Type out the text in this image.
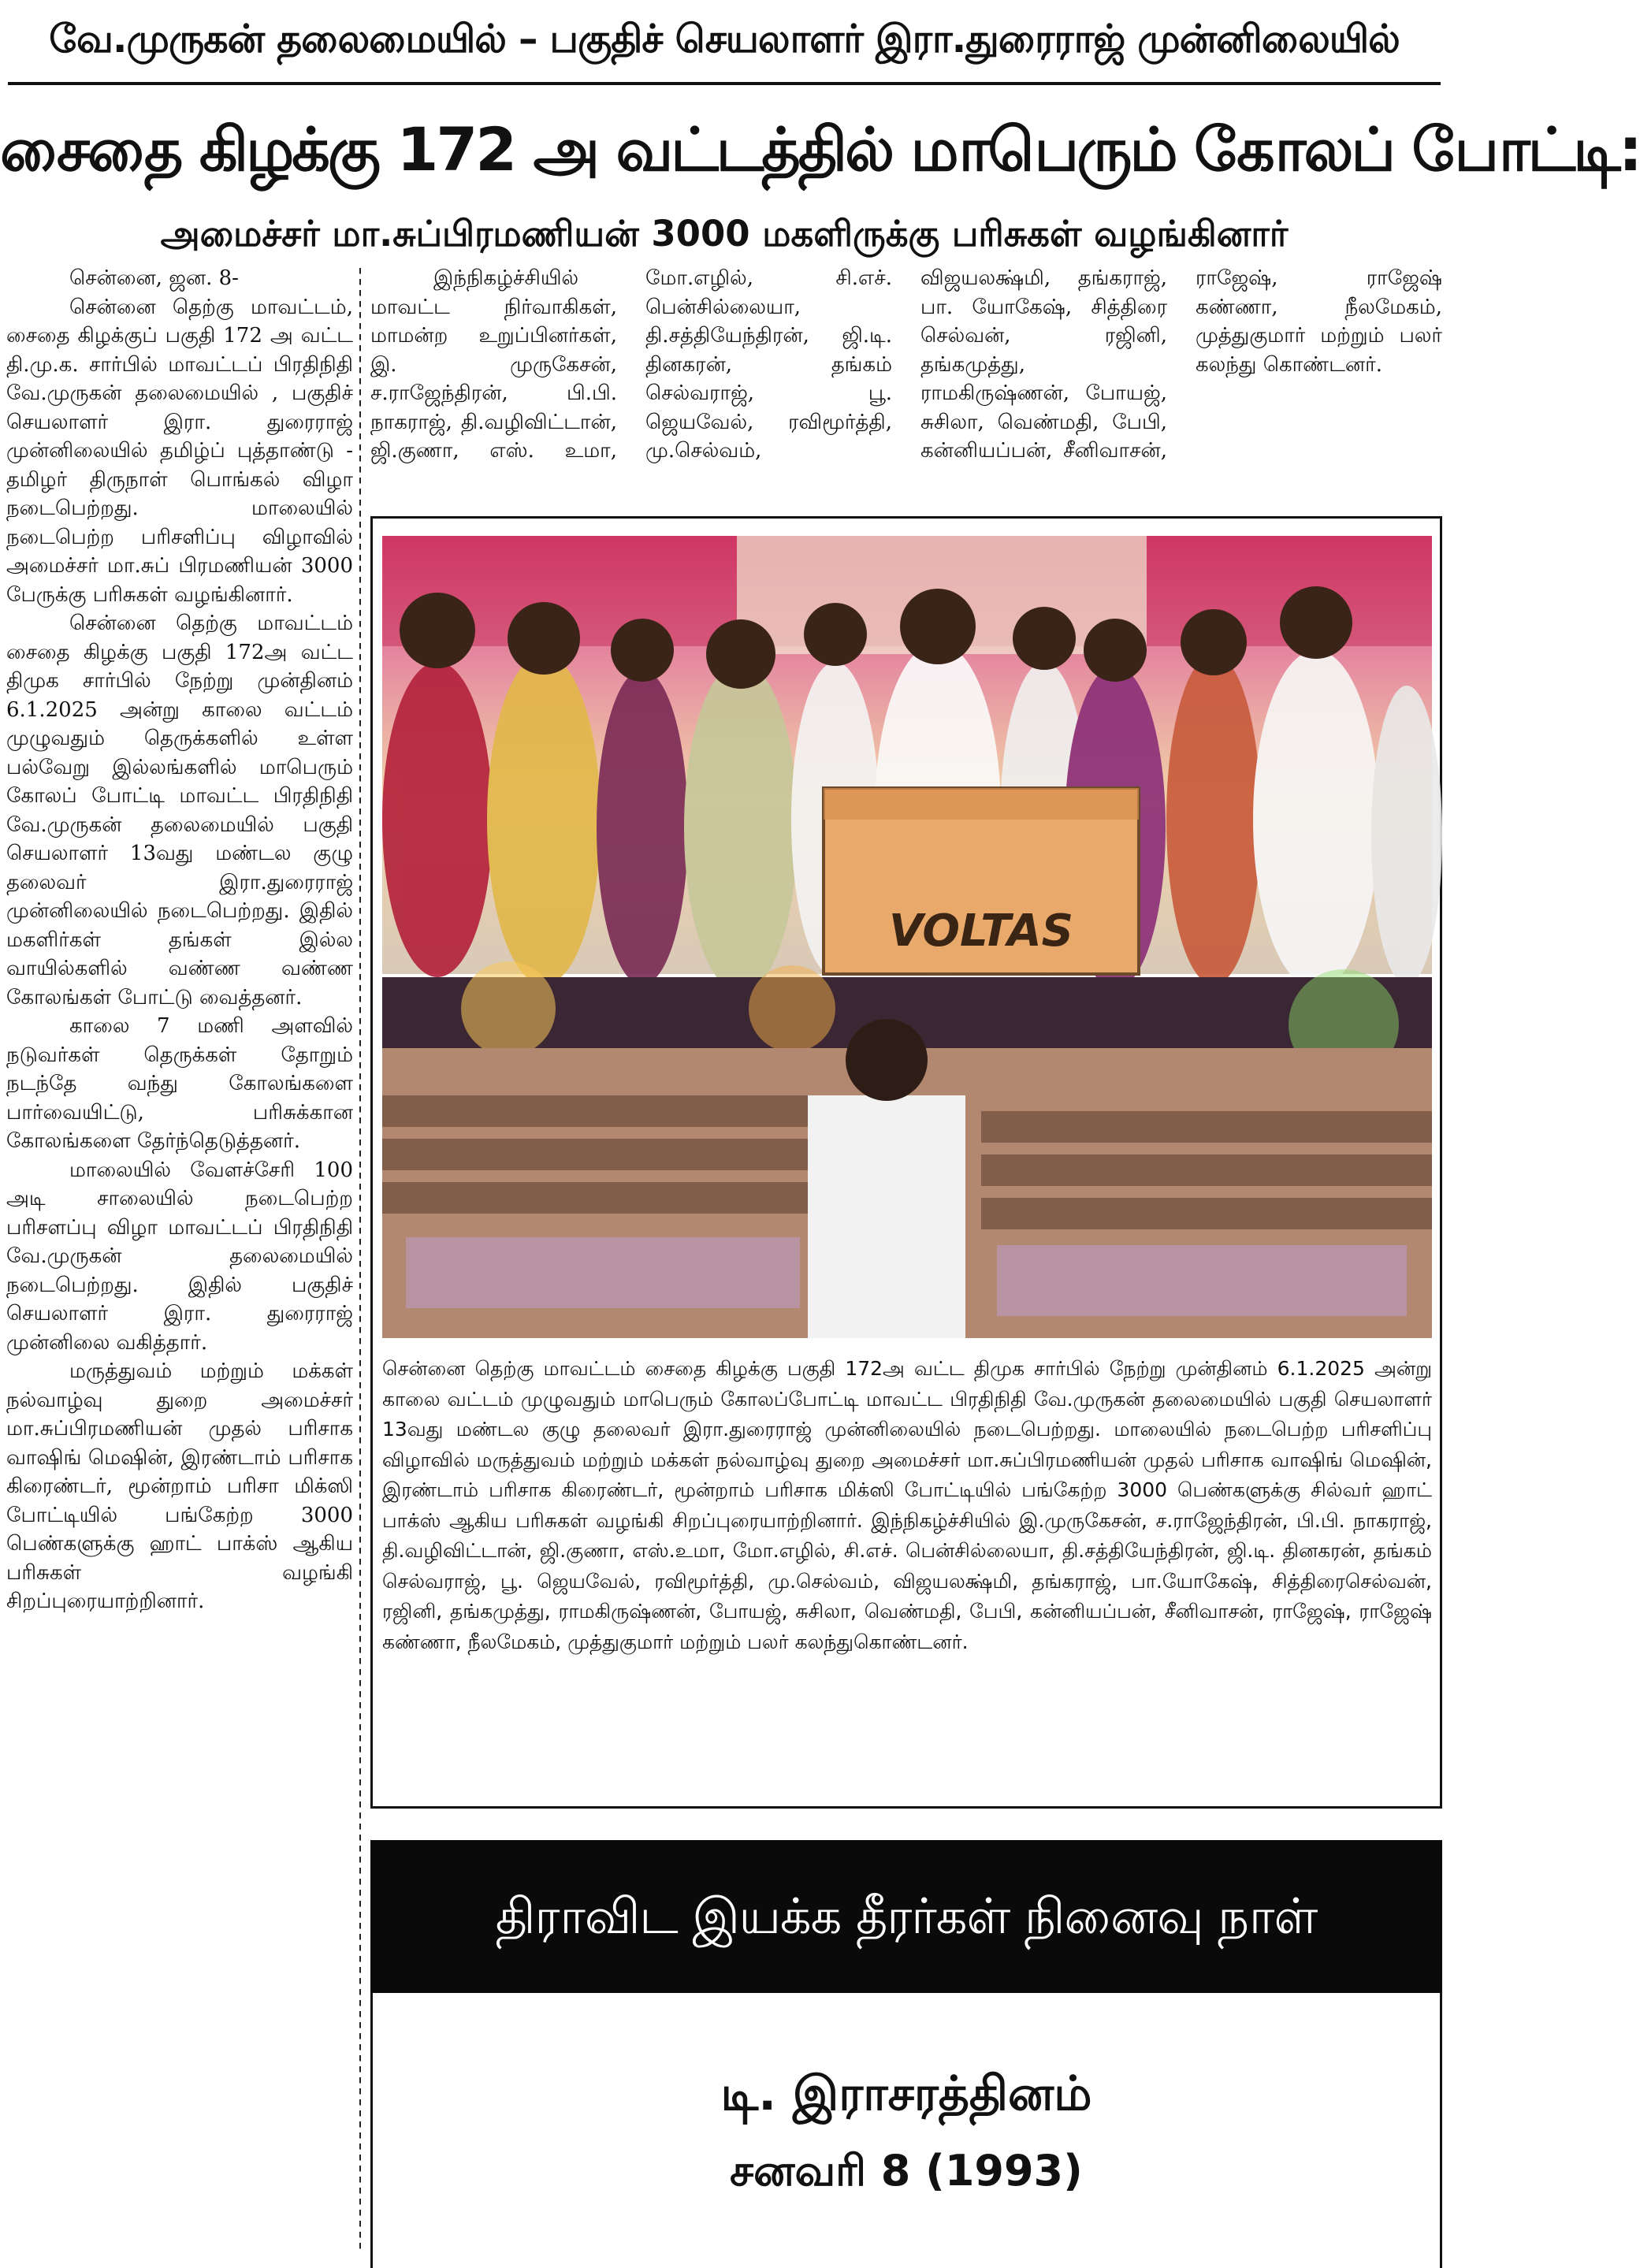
வே.முருகன் தலைமையில் – பகுதிச் செயலாளர் இரா.துரைராஜ் முன்னிலையில்
சைதை கிழக்கு 172 அ வட்டத்தில் மாபெரும் கோலப் போட்டி:
அமைச்சர் மா.சுப்பிரமணியன் 3000 மகளிருக்கு பரிசுகள் வழங்கினார்

சென்னை, ஜன. 8-

சென்னை தெற்கு மாவட்டம், சைதை கிழக்குப் பகுதி 172 அ வட்ட தி.மு.க. சார்பில் மாவட்டப் பிரதிநிதி வே.முருகன் தலைமையில் , பகுதிச் செயலாளர் இரா. துரைராஜ் முன்னிலையில் தமிழ்ப் புத்தாண்டு - தமிழர் திருநாள் பொங்கல் விழா நடைபெற்றது. மாலையில் நடைபெற்ற பரிசளிப்பு விழாவில் அமைச்சர் மா.சுப் பிரமணியன் 3000 பேருக்கு பரிசுகள் வழங்கினார்.

சென்னை தெற்கு மாவட்டம் சைதை கிழக்கு பகுதி 172அ வட்ட திமுக சார்பில் நேற்று முன்தினம் 6.1.2025 அன்று காலை வட்டம் முழுவதும் தெருக்களில் உள்ள பல்வேறு இல்லங்களில் மாபெரும் கோலப் போட்டி மாவட்ட பிரதிநிதி வே.முருகன் தலைமையில் பகுதி செயலாளர் 13வது மண்டல குழு தலைவர் இரா.துரைராஜ் முன்னிலையில் நடைபெற்றது. இதில் மகளிர்கள் தங்கள் இல்ல வாயில்களில் வண்ண வண்ண கோலங்கள் போட்டு வைத்தனர்.

காலை 7 மணி அளவில் நடுவர்கள் தெருக்கள் தோறும் நடந்தே வந்து கோலங்களை பார்வையிட்டு, பரிசுக்கான கோலங்களை தேர்ந்தெடுத்தனர்.

மாலையில் வேளச்சேரி 100 அடி சாலையில் நடைபெற்ற பரிசளப்பு விழா மாவட்டப் பிரதிநிதி வே.முருகன் தலைமையில் நடைபெற்றது. இதில் பகுதிச் செயலாளர் இரா. துரைராஜ் முன்னிலை வகித்தார்.

மருத்துவம் மற்றும் மக்கள் நல்வாழ்வு துறை அமைச்சர் மா.சுப்பிரமணியன் முதல் பரிசாக வாஷிங் மெஷின், இரண்டாம் பரிசாக கிரைண்டர், மூன்றாம் பரிசா மிக்ஸி போட்டியில் பங்கேற்ற 3000 பெண்களுக்கு ஹாட் பாக்ஸ் ஆகிய பரிசுகள் வழங்கி சிறப்புரையாற்றினார்.

இந்நிகழ்ச்சியில் மாவட்ட நிர்வாகிகள், மாமன்ற உறுப்பினர்கள், இ. முருகேசன், ச.ராஜேந்திரன், பி.பி. நாகராஜ், தி.வழிவிட்டான், ஜி.குணா, எஸ். உமா, மோ.எழில், சி.எச். பென்சில்லையா, தி.சத்தியேந்திரன், ஜி.டி. தினகரன், தங்கம் செல்வராஜ், பூ. ஜெயவேல், ரவிமூர்த்தி, மு.செல்வம், விஜயலக்ஷ்மி, தங்கராஜ், பா. யோகேஷ், சித்திரை செல்வன், ரஜினி, தங்கமுத்து, ராமகிருஷ்ணன், போயஜ், சுசிலா, வெண்மதி, பேபி, கன்னியப்பன், சீனிவாசன், ராஜேஷ், ராஜேஷ் கண்ணா, நீலமேகம், முத்துகுமார் மற்றும் பலர் கலந்து கொண்டனர்.

VOLTAS
சென்னை தெற்கு மாவட்டம் சைதை கிழக்கு பகுதி 172அ வட்ட திமுக சார்பில் நேற்று முன்தினம் 6.1.2025 அன்று காலை வட்டம் முழுவதும் மாபெரும் கோலப்போட்டி மாவட்ட பிரதிநிதி வே.முருகன் தலைமையில் பகுதி செயலாளர் 13வது மண்டல குழு தலைவர் இரா.துரைராஜ் முன்னிலையில் நடைபெற்றது. மாலையில் நடைபெற்ற பரிசளிப்பு விழாவில் மருத்துவம் மற்றும் மக்கள் நல்வாழ்வு துறை அமைச்சர் மா.சுப்பிரமணியன் முதல் பரிசாக வாஷிங் மெஷின், இரண்டாம் பரிசாக கிரைண்டர், மூன்றாம் பரிசாக மிக்ஸி போட்டியில் பங்கேற்ற 3000 பெண்களுக்கு சில்வர் ஹாட் பாக்ஸ் ஆகிய பரிசுகள் வழங்கி சிறப்புரையாற்றினார். இந்நிகழ்ச்சியில் இ.முருகேசன், ச.ராஜேந்திரன், பி.பி. நாகராஜ், தி.வழிவிட்டான், ஜி.குணா, எஸ்.உமா, மோ.எழில், சி.எச். பென்சில்லையா, தி.சத்தியேந்திரன், ஜி.டி. தினகரன், தங்கம் செல்வராஜ், பூ. ஜெயவேல், ரவிமூர்த்தி, மு.செல்வம், விஜயலக்ஷ்மி, தங்கராஜ், பா.யோகேஷ், சித்திரைசெல்வன், ரஜினி, தங்கமுத்து, ராமகிருஷ்ணன், போயஜ், சுசிலா, வெண்மதி, பேபி, கன்னியப்பன், சீனிவாசன், ராஜேஷ், ராஜேஷ் கண்ணா, நீலமேகம், முத்துகுமார் மற்றும் பலர் கலந்துகொண்டனர்.
திராவிட இயக்க தீரர்கள் நினைவு நாள்
டி. இராசரத்தினம்
சனவரி 8 (1993)
